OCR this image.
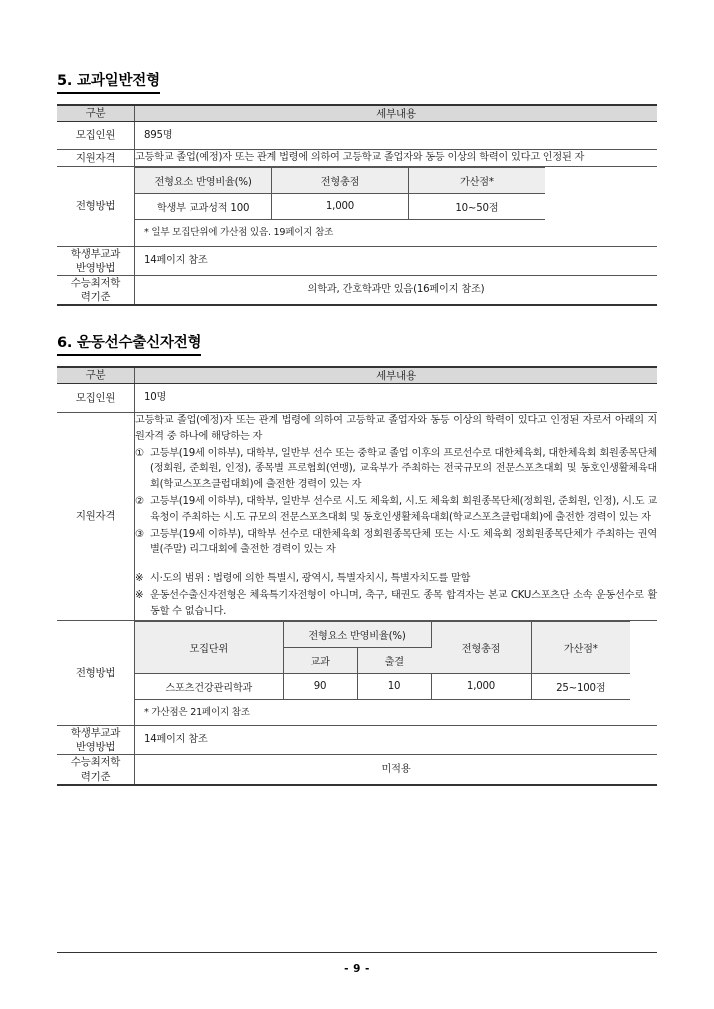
5. 교과일반전형
구분	세부내용
모집인원	895명
지원자격	고등학교 졸업(예정)자 또는 관계 법령에 의하여 고등학교 졸업자와 동등 이상의 학력이 있다고 인정된 자
전형방법	
전형요소 반영비율(%)	전형총점	가산점*
학생부 교과성적 100	1,000	10~50점
* 일부 모집단위에 가산점 있음. 19페이지 참조

학생부교과
반영방법	14페이지 참조
수능최저학
력기준	의학과, 간호학과만 있음(16페이지 참조)
6. 운동선수출신자전형
구분	세부내용
모집인원	10명
지원자격	
고등학교 졸업(예정)자 또는 관계 법령에 의하여 고등학교 졸업자와 동등 이상의 학력이 있다고 인정된 자로서 아래의 지원자격 중 하나에 해당하는 자
① 고등부(19세 이하부), 대학부, 일반부 선수 또는 중학교 졸업 이후의 프로선수로 대한체육회, 대한체육회 회원종목단체(정회원, 준회원, 인정), 종목별 프로협회(연맹), 교육부가 주최하는 전국규모의 전문스포츠대회 및 동호인생활체육대회(학교스포츠클럽대회)에 출전한 경력이 있는 자
② 고등부(19세 이하부), 대학부, 일반부 선수로 시.도 체육회, 시.도 체육회 회원종목단체(정회원, 준회원, 인정), 시.도 교육청이 주최하는 시.도 규모의 전문스포츠대회 및 동호인생활체육대회(학교스포츠클럽대회)에 출전한 경력이 있는 자
③ 고등부(19세 이하부), 대학부 선수로 대한체육회 정회원종목단체 또는 시·도 체육회 정회원종목단체가 주최하는 권역별(주말) 리그대회에 출전한 경력이 있는 자
※ 시·도의 범위 : 법령에 의한 특별시, 광역시, 특별자치시, 특별자치도를 말함
※ 운동선수출신자전형은 체육특기자전형이 아니며, 축구, 태권도 종목 합격자는 본교 CKU스포츠단 소속 운동선수로 활동할 수 없습니다.

전형방법	
모집단위	전형요소 반영비율(%)	전형총점	가산점*
교과	출결
스포츠건강관리학과	90	10	1,000	25~100점
* 가산점은 21페이지 참조

학생부교과
반영방법	14페이지 참조
수능최저학
력기준	미적용
- 9 -
